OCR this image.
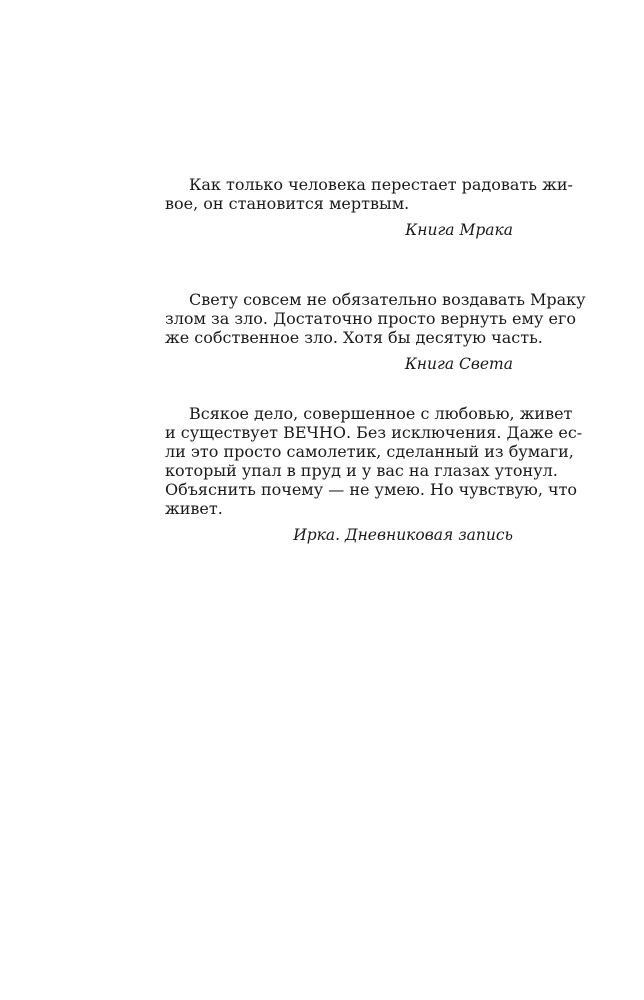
Как только человека перестает радовать жи-
вое, он становится мертвым.
Книга Мрака
Свету совсем не обязательно воздавать Мраку
злом за зло. Достаточно просто вернуть ему его
же собственное зло. Хотя бы десятую часть.
Книга Света
Всякое дело, совершенное с любовью, живет
и существует ВЕЧНО. Без исключения. Даже ес-
ли это просто самолетик, сделанный из бумаги,
который упал в пруд и у вас на глазах утонул.
Объяснить почему — не умею. Но чувствую, что
живет.
Ирка. Дневниковая запись
